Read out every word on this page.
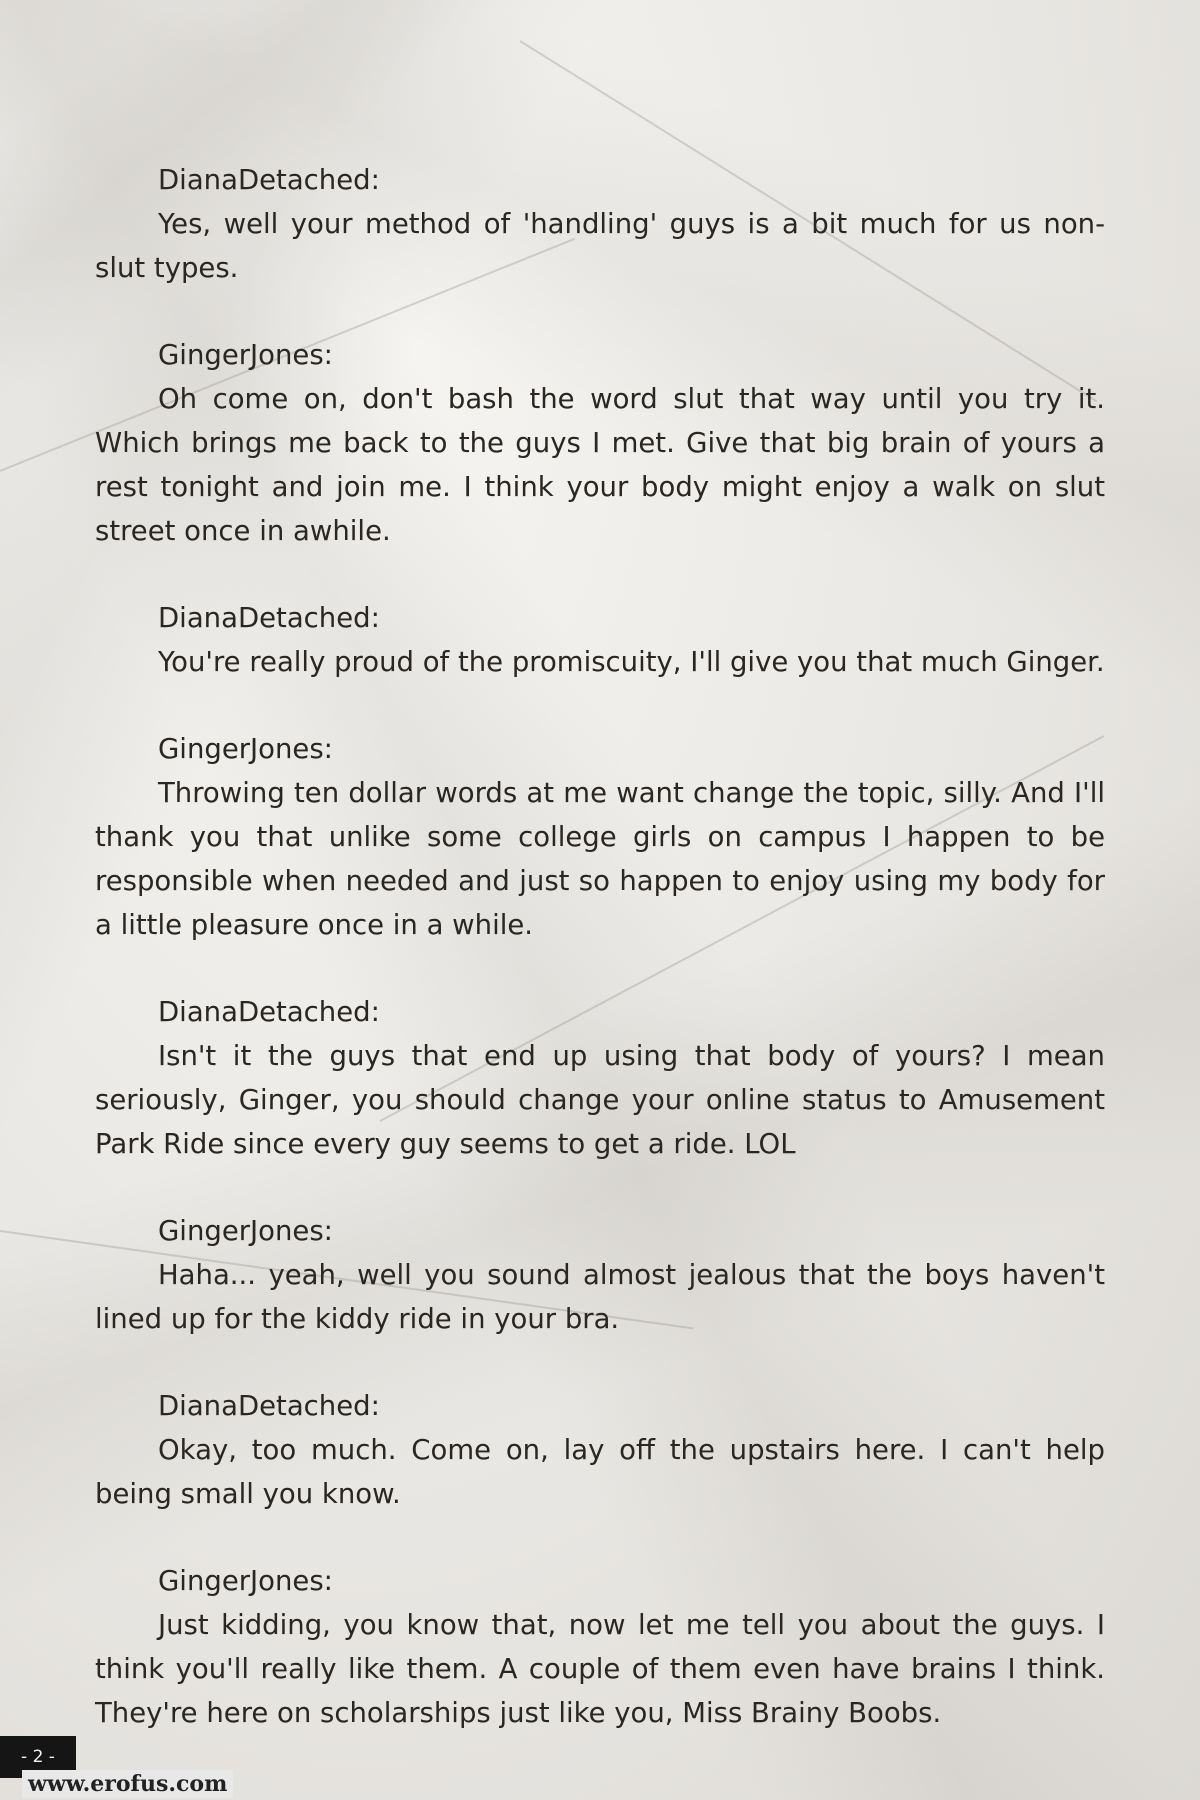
DianaDetached:

Yes, well your method of 'handling' guys is a bit much for us non-slut types.

GingerJones:

Oh come on, don't bash the word slut that way until you try it. Which brings me back to the guys I met. Give that big brain of yours a rest tonight and join me. I think your body might enjoy a walk on slut street once in awhile.

DianaDetached:

You're really proud of the promiscuity, I'll give you that much Ginger.

GingerJones:

Throwing ten dollar words at me want change the topic, silly. And I'll thank you that unlike some college girls on campus I happen to be responsible when needed and just so happen to enjoy using my body for a little pleasure once in a while.

DianaDetached:

Isn't it the guys that end up using that body of yours? I mean seriously, Ginger, you should change your online status to Amusement Park Ride since every guy seems to get a ride. LOL

GingerJones:

Haha... yeah, well you sound almost jealous that the boys haven't lined up for the kiddy ride in your bra.

DianaDetached:

Okay, too much. Come on, lay off the upstairs here. I can't help being small you know.

GingerJones:

Just kidding, you know that, now let me tell you about the guys. I think you'll really like them. A couple of them even have brains I think. They're here on scholarships just like you, Miss Brainy Boobs.

- 2 -
www.erofus.com
